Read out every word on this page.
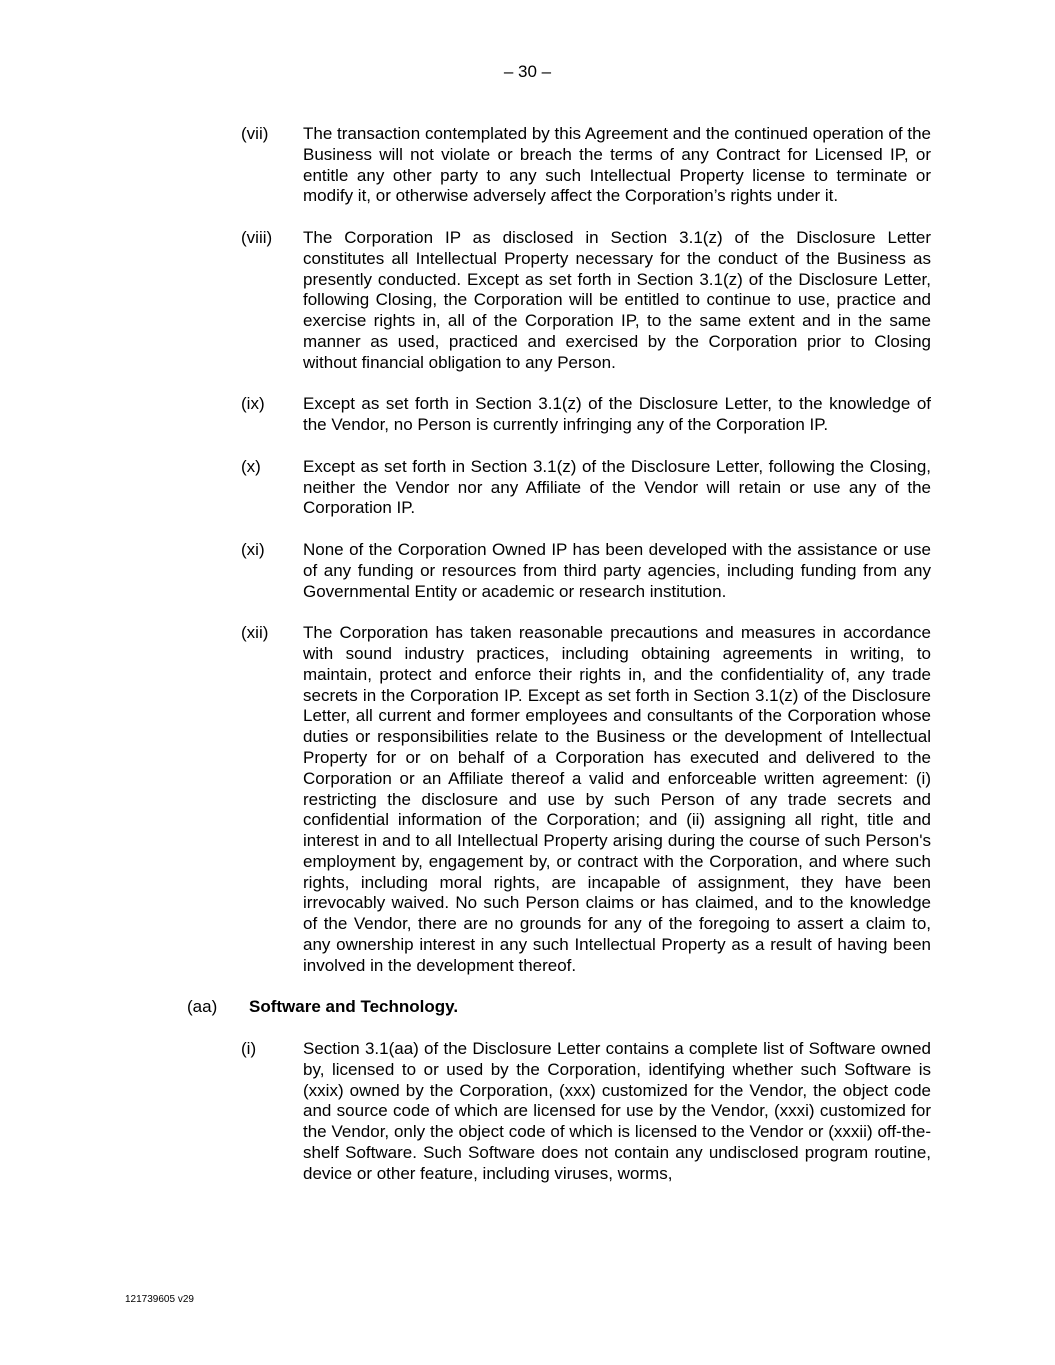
– 30 –
(vii) The transaction contemplated by this Agreement and the continued operation of the Business will not violate or breach the terms of any Contract for Licensed IP, or entitle any other party to any such Intellectual Property license to terminate or modify it, or otherwise adversely affect the Corporation’s rights under it.
(viii) The Corporation IP as disclosed in Section 3.1(z) of the Disclosure Letter constitutes all Intellectual Property necessary for the conduct of the Business as presently conducted. Except as set forth in Section 3.1(z) of the Disclosure Letter, following Closing, the Corporation will be entitled to continue to use, practice and exercise rights in, all of the Corporation IP, to the same extent and in the same manner as used, practiced and exercised by the Corporation prior to Closing without financial obligation to any Person.
(ix) Except as set forth in Section 3.1(z) of the Disclosure Letter, to the knowledge of the Vendor, no Person is currently infringing any of the Corporation IP.
(x) Except as set forth in Section 3.1(z) of the Disclosure Letter, following the Closing, neither the Vendor nor any Affiliate of the Vendor will retain or use any of the Corporation IP.
(xi) None of the Corporation Owned IP has been developed with the assistance or use of any funding or resources from third party agencies, including funding from any Governmental Entity or academic or research institution.
(xii) The Corporation has taken reasonable precautions and measures in accordance with sound industry practices, including obtaining agreements in writing, to maintain, protect and enforce their rights in, and the confidentiality of, any trade secrets in the Corporation IP. Except as set forth in Section 3.1(z) of the Disclosure Letter, all current and former employees and consultants of the Corporation whose duties or responsibilities relate to the Business or the development of Intellectual Property for or on behalf of a Corporation has executed and delivered to the Corporation or an Affiliate thereof a valid and enforceable written agreement: (i) restricting the disclosure and use by such Person of any trade secrets and confidential information of the Corporation; and (ii) assigning all right, title and interest in and to all Intellectual Property arising during the course of such Person's employment by, engagement by, or contract with the Corporation, and where such rights, including moral rights, are incapable of assignment, they have been irrevocably waived. No such Person claims or has claimed, and to the knowledge of the Vendor, there are no grounds for any of the foregoing to assert a claim to, any ownership interest in any such Intellectual Property as a result of having been involved in the development thereof.
(aa) Software and Technology.
(i)	Section 3.1(aa) of the Disclosure Letter contains a complete list of Software owned by, licensed to or used by the Corporation, identifying whether such Software is (xxix) owned by the Corporation, (xxx) customized for the Vendor, the object code and source code of which are licensed for use by the Vendor, (xxxi) customized for the Vendor, only the object code of which is licensed to the Vendor or (xxxii) off-the-shelf Software. Such Software does not contain any undisclosed program routine, device or other feature, including viruses, worms,
121739605 v29
